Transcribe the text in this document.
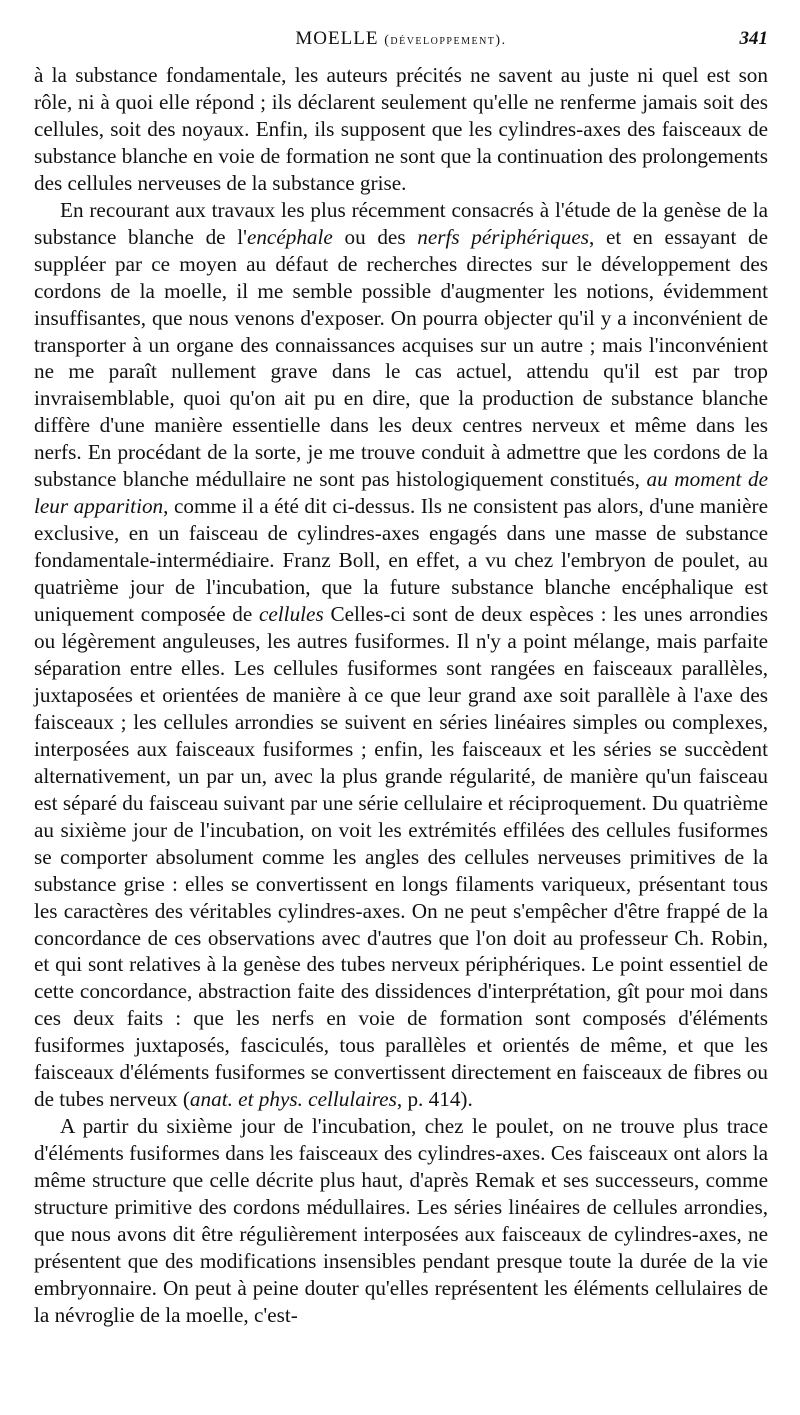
MOELLE (développement).	341

à la substance fondamentale, les auteurs précités ne savent au juste ni quel est son rôle, ni à quoi elle répond ; ils déclarent seulement qu'elle ne renferme jamais soit des cellules, soit des noyaux. Enfin, ils supposent que les cylindres-axes des faisceaux de substance blanche en voie de formation ne sont que la continuation des prolongements des cellules nerveuses de la substance grise.

En recourant aux travaux les plus récemment consacrés à l'étude de la genèse de la substance blanche de l'encéphale ou des nerfs périphériques, et en essayant de suppléer par ce moyen au défaut de recherches directes sur le développement des cordons de la moelle, il me semble possible d'augmenter les notions, évidemment insuffisantes, que nous venons d'exposer. On pourra objecter qu'il y a inconvénient de transporter à un organe des connaissances acquises sur un autre ; mais l'inconvénient ne me paraît nullement grave dans le cas actuel, attendu qu'il est par trop invraisemblable, quoi qu'on ait pu en dire, que la production de substance blanche diffère d'une manière essentielle dans les deux centres nerveux et même dans les nerfs. En procédant de la sorte, je me trouve conduit à admettre que les cordons de la substance blanche médullaire ne sont pas histologiquement constitués, au moment de leur apparition, comme il a été dit ci-dessus. Ils ne consistent pas alors, d'une manière exclusive, en un faisceau de cylindres-axes engagés dans une masse de substance fondamentale-intermédiaire. Franz Boll, en effet, a vu chez l'embryon de poulet, au quatrième jour de l'incubation, que la future substance blanche encéphalique est uniquement composée de cellules Celles-ci sont de deux espèces : les unes arrondies ou légèrement anguleuses, les autres fusiformes. Il n'y a point mélange, mais parfaite séparation entre elles. Les cellules fusiformes sont rangées en faisceaux parallèles, juxtaposées et orientées de manière à ce que leur grand axe soit parallèle à l'axe des faisceaux ; les cellules arrondies se suivent en séries linéaires simples ou complexes, interposées aux faisceaux fusiformes ; enfin, les faisceaux et les séries se succèdent alternativement, un par un, avec la plus grande régularité, de manière qu'un faisceau est séparé du faisceau suivant par une série cellulaire et réciproquement. Du quatrième au sixième jour de l'incubation, on voit les extrémités effilées des cellules fusiformes se comporter absolument comme les angles des cellules nerveuses primitives de la substance grise : elles se convertissent en longs filaments variqueux, présentant tous les caractères des véritables cylindres-axes. On ne peut s'empêcher d'être frappé de la concordance de ces observations avec d'autres que l'on doit au professeur Ch. Robin, et qui sont relatives à la genèse des tubes nerveux périphériques. Le point essentiel de cette concordance, abstraction faite des dissidences d'interprétation, gît pour moi dans ces deux faits : que les nerfs en voie de formation sont composés d'éléments fusiformes juxtaposés, fasciculés, tous parallèles et orientés de même, et que les faisceaux d'éléments fusiformes se convertissent directement en faisceaux de fibres ou de tubes nerveux (anat. et phys. cellulaires, p. 414).

A partir du sixième jour de l'incubation, chez le poulet, on ne trouve plus trace d'éléments fusiformes dans les faisceaux des cylindres-axes. Ces faisceaux ont alors la même structure que celle décrite plus haut, d'après Remak et ses successeurs, comme structure primitive des cordons médullaires. Les séries linéaires de cellules arrondies, que nous avons dit être régulièrement interposées aux faisceaux de cylindres-axes, ne présentent que des modifications insensibles pendant presque toute la durée de la vie embryonnaire. On peut à peine douter qu'elles représentent les éléments cellulaires de la névroglie de la moelle, c'est-
